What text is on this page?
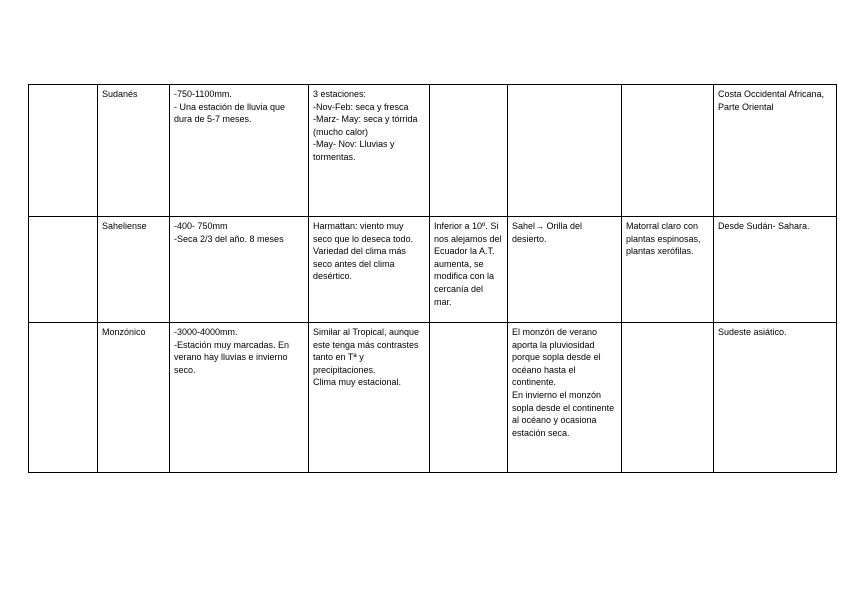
	Sudanés	-750-1100mm.
- Una estación de lluvia que dura de 5-7 meses.	3 estaciones:
-Nov-Feb: seca y fresca
-Marz- May: seca y tórrida (mucho calor)
-May- Nov: Lluvias y tormentas.				Costa Occidental Africana, Parte Oriental
	Saheliense	-400- 750mm
-Seca 2/3 del año. 8 meses	Harmattan: viento muy seco que lo deseca todo.
Variedad del clima más seco antes del clima desértico.	Inferior a 10º. Si nos alejamos del Ecuador la A.T. aumenta, se modifica con la cercanía del mar.	Sahel→ Orilla del desierto.	Matorral claro con plantas espinosas, plantas xerófilas.	Desde Sudán- Sahara.
	Monzónico	-3000-4000mm.
-Estación muy marcadas. En verano hay lluvias e invierno seco.	Similar al Tropical, aunque este tenga más contrastes tanto en Tª y precipitaciones.
Clima muy estacional.		El monzón de verano aporta la pluviosidad porque sopla desde el océano hasta el continente.
En invierno el monzón sopla desde el continente al océano y ocasiona estación seca.		Sudeste asiático.
